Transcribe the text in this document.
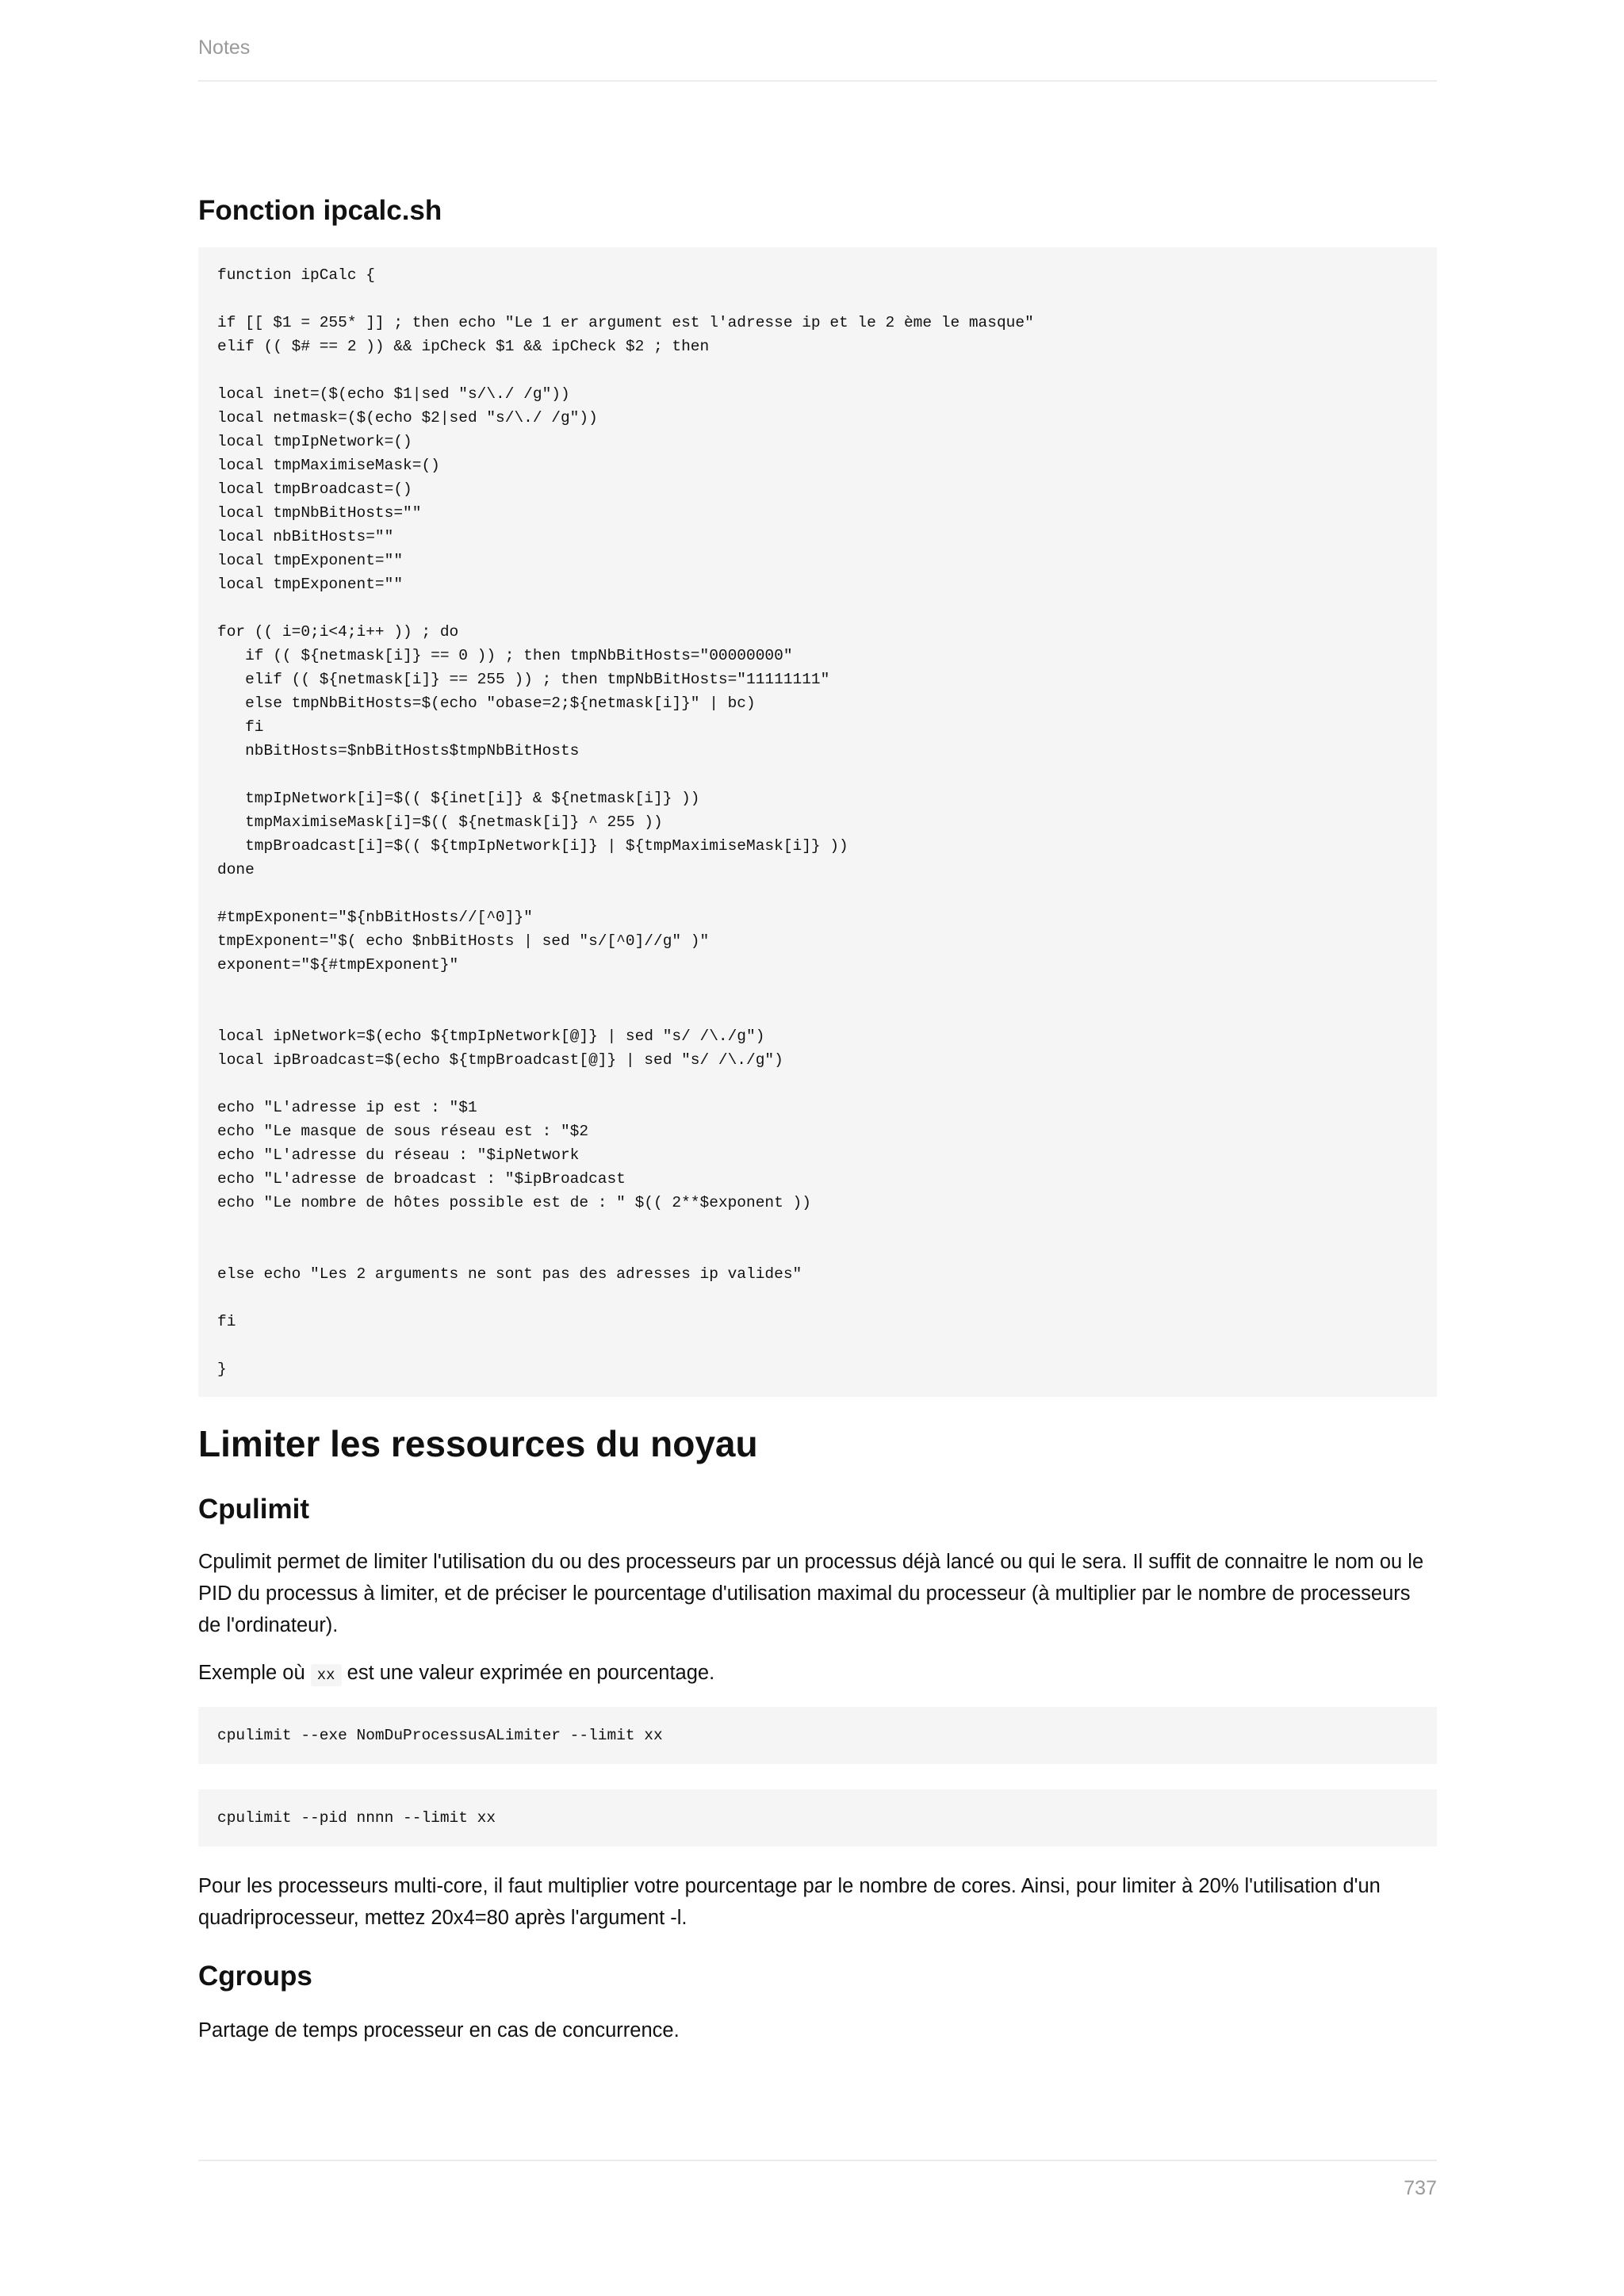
Notes
Fonction ipcalc.sh
function ipCalc {

if [[ $1 = 255* ]] ; then echo "Le 1 er argument est l'adresse ip et le 2 ème le masque"
elif (( $# == 2 )) && ipCheck $1 && ipCheck $2 ; then

local inet=($(echo $1|sed "s/\./ /g"))
local netmask=($(echo $2|sed "s/\./ /g"))
local tmpIpNetwork=()
local tmpMaximiseMask=()
local tmpBroadcast=()
local tmpNbBitHosts=""
local nbBitHosts=""
local tmpExponent=""
local tmpExponent=""

for (( i=0;i<4;i++ )) ; do
if (( ${netmask[i]} == 0 )) ; then tmpNbBitHosts="00000000"
elif (( ${netmask[i]} == 255 )) ; then tmpNbBitHosts="11111111"
else tmpNbBitHosts=$(echo "obase=2;${netmask[i]}" | bc)
fi
nbBitHosts=$nbBitHosts$tmpNbBitHosts

tmpIpNetwork[i]=$(( ${inet[i]} & ${netmask[i]} ))
tmpMaximiseMask[i]=$(( ${netmask[i]} ^ 255 ))
tmpBroadcast[i]=$(( ${tmpIpNetwork[i]} | ${tmpMaximiseMask[i]} ))
done

#tmpExponent="${nbBitHosts//[^0]}"
tmpExponent="$( echo $nbBitHosts | sed "s/[^0]//g" )"
exponent="${#tmpExponent}"

local ipNetwork=$(echo ${tmpIpNetwork[@]} | sed "s/ /\./g")
local ipBroadcast=$(echo ${tmpBroadcast[@]} | sed "s/ /\./g")

echo "L'adresse ip est : "$1
echo "Le masque de sous réseau est : "$2
echo "L'adresse du réseau : "$ipNetwork
echo "L'adresse de broadcast : "$ipBroadcast
echo "Le nombre de hôtes possible est de : " $(( 2**$exponent ))

else echo "Les 2 arguments ne sont pas des adresses ip valides"

fi

}
Limiter les ressources du noyau
Cpulimit

Cpulimit permet de limiter l'utilisation du ou des processeurs par un processus déjà lancé ou qui le sera. Il suffit de connaitre le nom ou le PID du processus à limiter, et de préciser le pourcentage d'utilisation maximal du processeur (à multiplier par le nombre de processeurs de l'ordinateur).

Exemple où xx est une valeur exprimée en pourcentage.

cpulimit --exe NomDuProcessusALimiter --limit xx
cpulimit --pid nnnn --limit xx

Pour les processeurs multi-core, il faut multiplier votre pourcentage par le nombre de cores. Ainsi, pour limiter à 20% l'utilisation d'un quadriprocesseur, mettez 20x4=80 après l'argument -l.

Cgroups

Partage de temps processeur en cas de concurrence.

737
